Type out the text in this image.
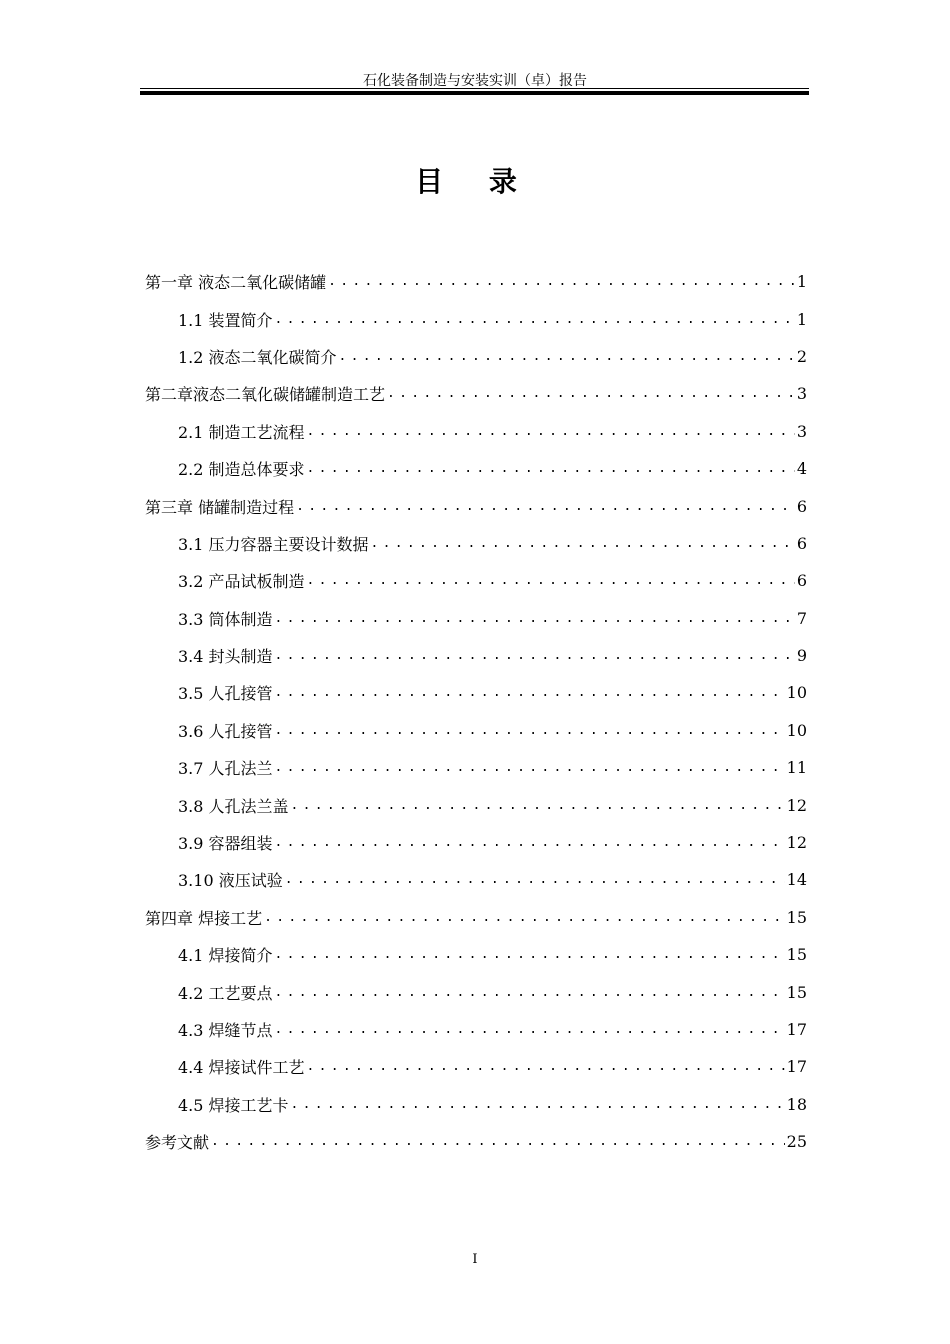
石化装备制造与安装实训（卓）报告
目 录
第一章 液态二氧化碳储罐 .....	1
1.1 装置简介 .....	1
1.2 液态二氧化碳简介 .....	2
第二章液态二氧化碳储罐制造工艺 .....	3
2.1 制造工艺流程 .....	3
2.2 制造总体要求 .....	4
第三章 储罐制造过程 .....	6
3.1 压力容器主要设计数据 .....	6
3.2 产品试板制造 .....	6
3.3 筒体制造 .....	7
3.4 封头制造 .....	9
3.5 人孔接管 .....	10
3.6 人孔接管 .....	10
3.7 人孔法兰 .....	11
3.8 人孔法兰盖 .....	12
3.9 容器组装 .....	12
3.10 液压试验 .....	14
第四章 焊接工艺 .....	15
4.1 焊接简介 .....	15
4.2 工艺要点 .....	15
4.3 焊缝节点 .....	17
4.4 焊接试件工艺 .....	17
4.5 焊接工艺卡 .....	18
参考文献 .....	25
I
